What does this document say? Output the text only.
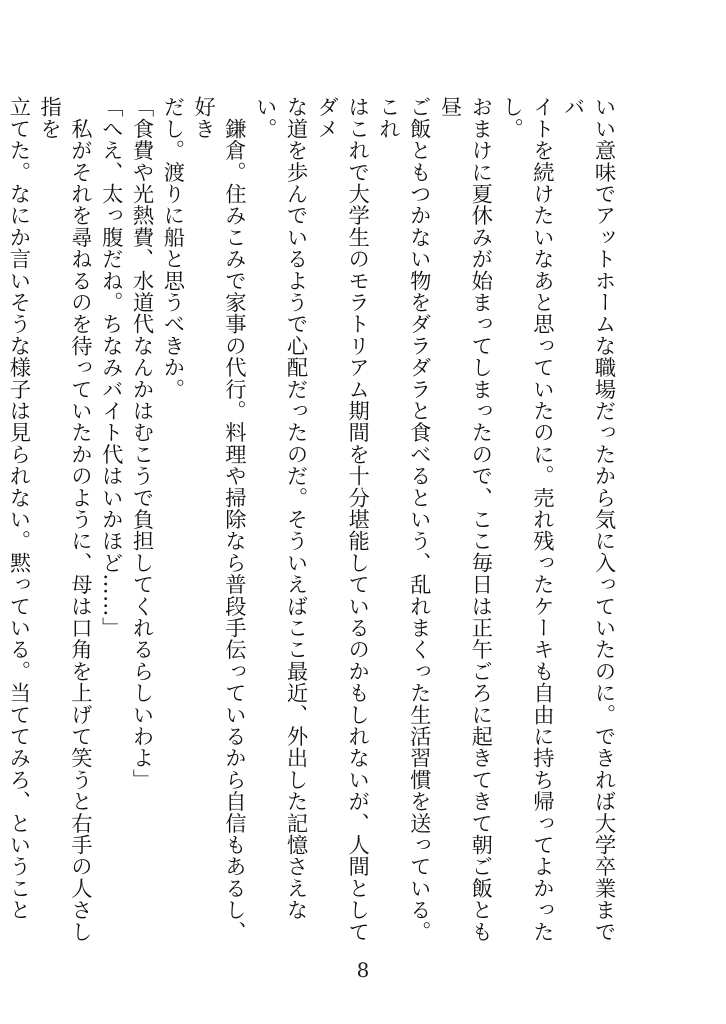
いい意味でアットホームな職場だったから気に入っていたのに。できれば大学卒業までバ
イトを続けたいなあと思っていたのに。売れ残ったケーキも自由に持ち帰ってよかったし。
おまけに夏休みが始まってしまったので、ここ毎日は正午ごろに起きてきて朝ご飯とも昼
ご飯ともつかない物をダラダラと食べるという、乱れまくった生活習慣を送っている。これ
はこれで大学生のモラトリアム期間を十分堪能しているのかもしれないが、人間としてダメ
な道を歩んでいるようで心配だったのだ。そういえばここ最近、外出した記憶さえない。
　鎌倉。住みこみで家事の代行。料理や掃除なら普段手伝っているから自信もあるし、好き
だし。渡りに船と思うべきか。
「食費や光熱費、水道代なんかはむこうで負担してくれるらしいわよ」
「へえ、太っ腹だね。ちなみバイト代はいかほど……」
　私がそれを尋ねるのを待っていたかのように、母は口角を上げて笑うと右手の人さし指を
立てた。なにか言いそうな様子は見られない。黙っている。当ててみろ、ということ
8
